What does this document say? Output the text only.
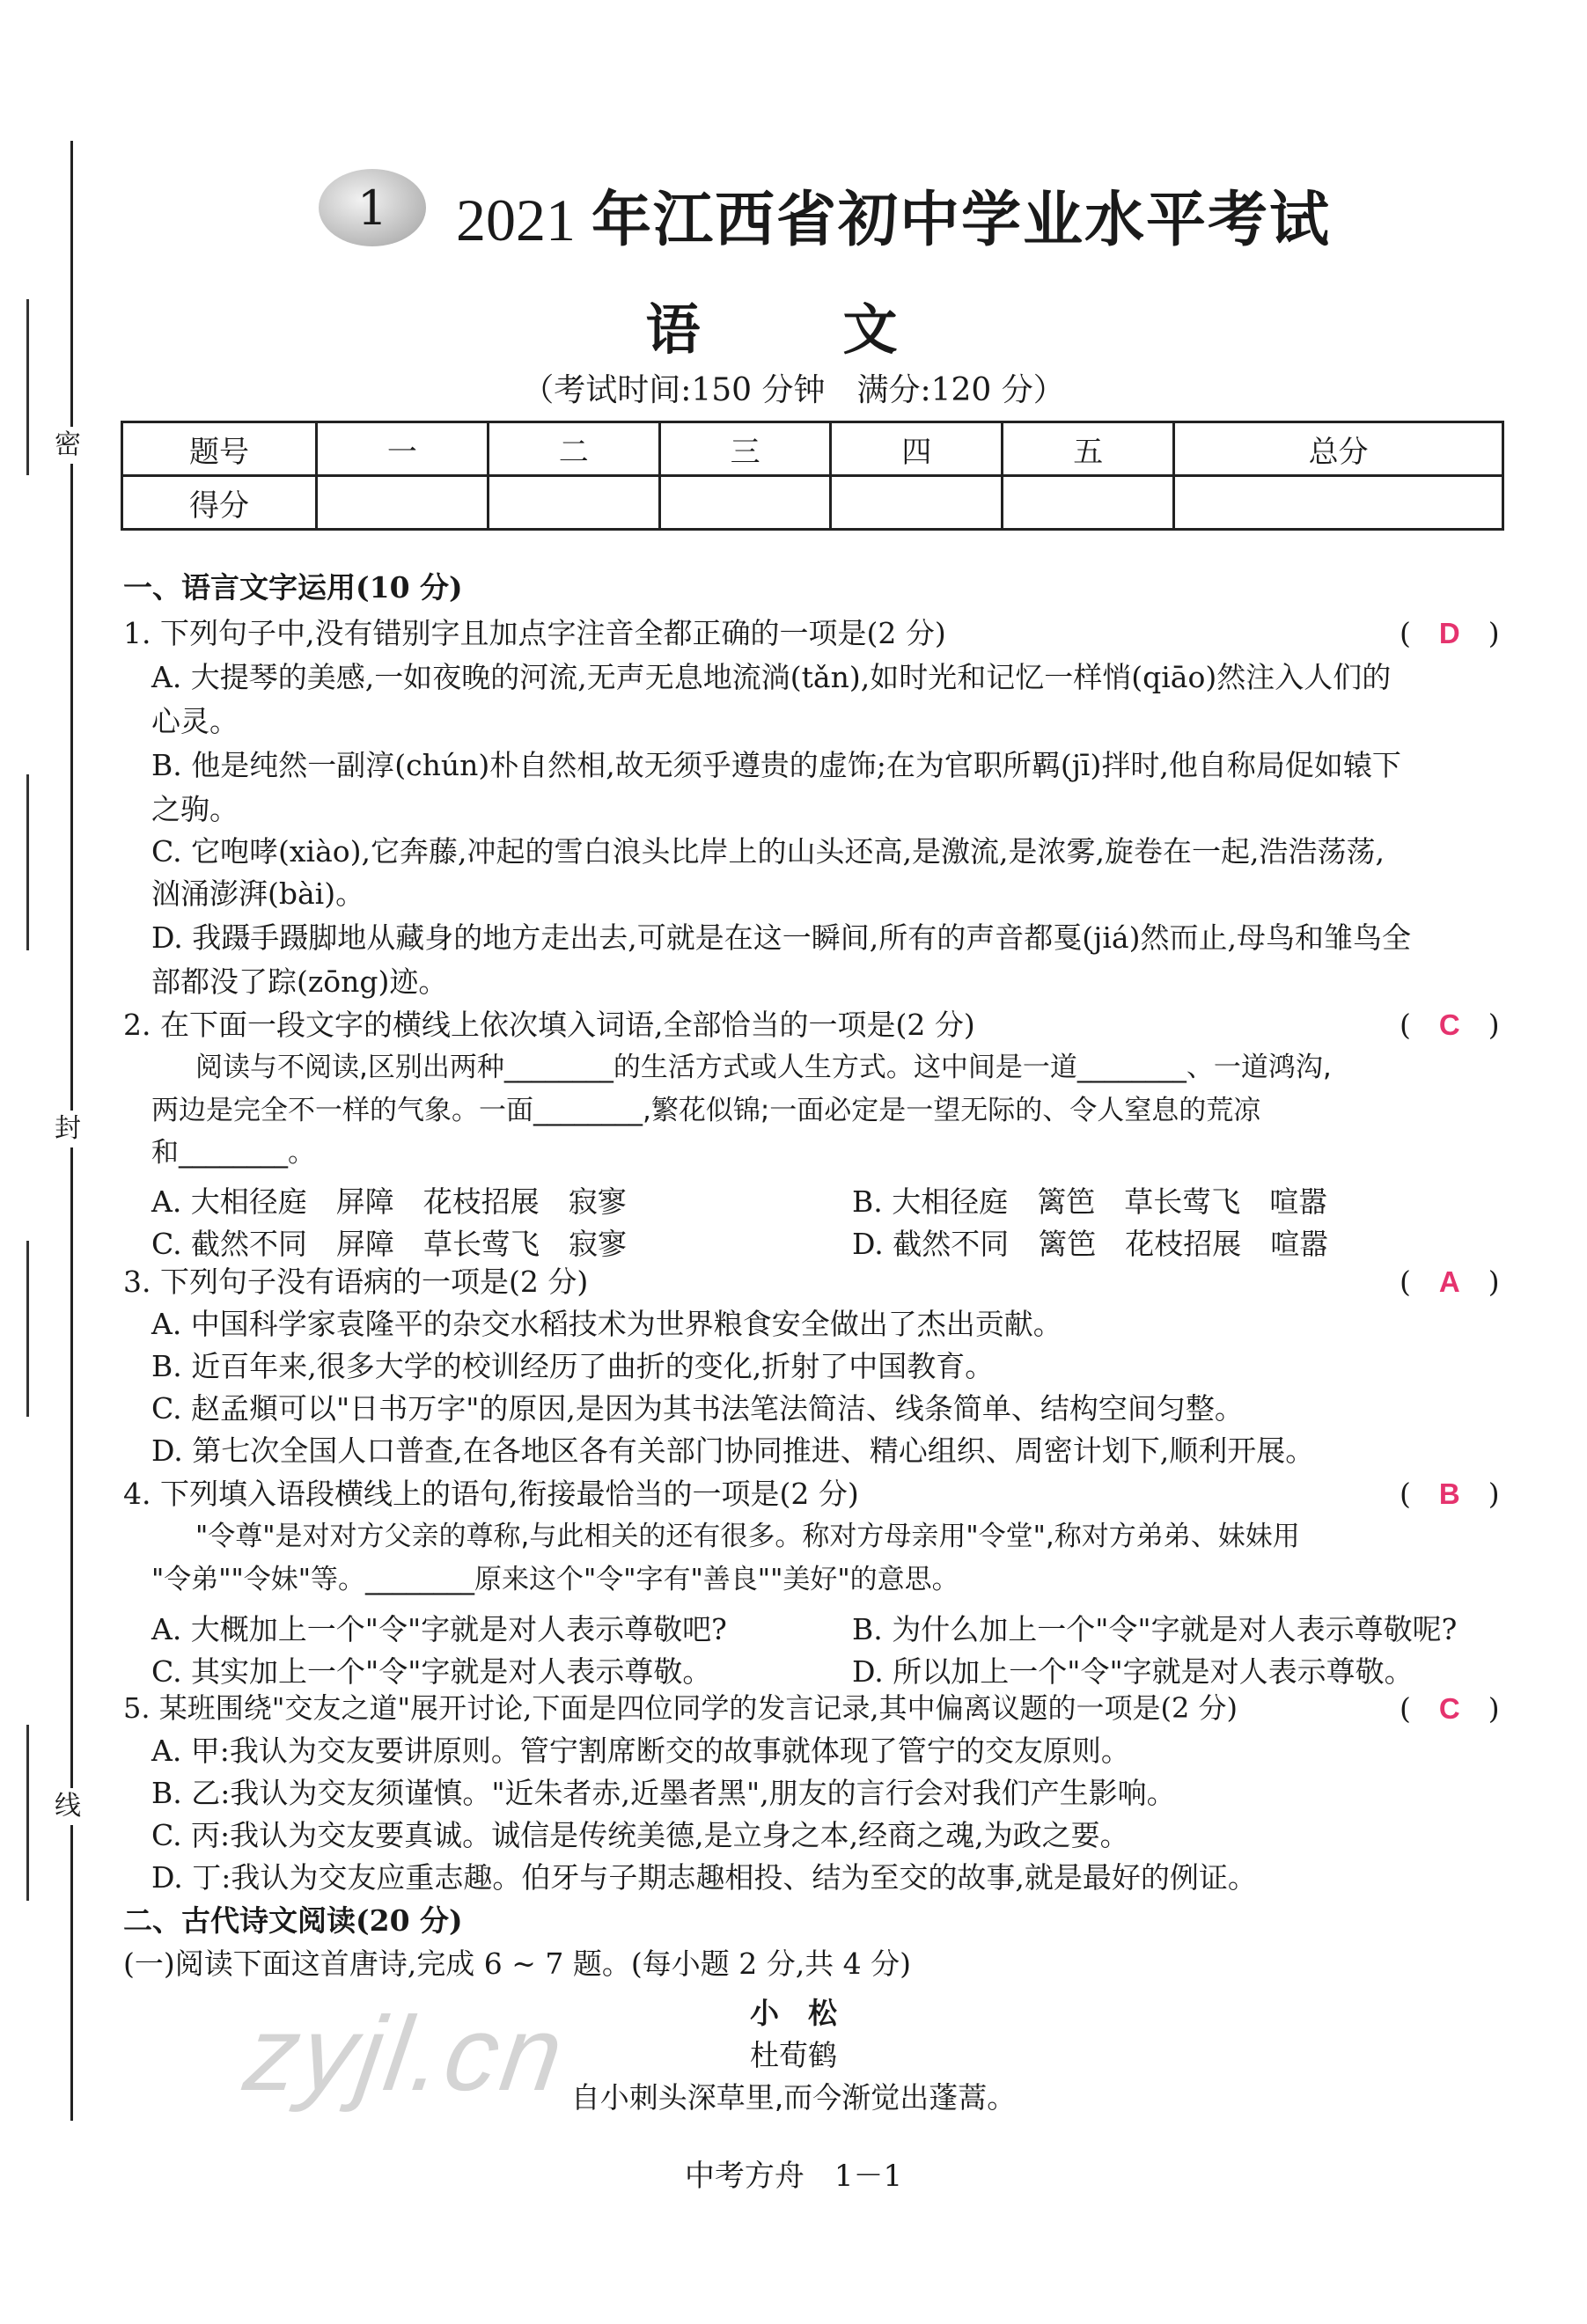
密
封
线
1	2021 年江西省初中学业水平考试
语　文
（考试时间:150 分钟　满分:120 分）
题号	一	二	三	四	五	总分
得分						
一、语言文字运用(10 分)
1. 下列句子中,没有错别字且加点字注音全都正确的一项是(2 分)	( D )
A. 大提琴的美感,一如夜晚的河流,无声无息地流淌(tǎn),如时光和记忆一样悄(qiāo)然注入人们的
心灵。
B. 他是纯然一副淳(chún)朴自然相,故无须乎遵贵的虚饰;在为官职所羁(jī)拌时,他自称局促如辕下
之驹。
C. 它咆哮(xiào),它奔藤,冲起的雪白浪头比岸上的山头还高,是激流,是浓雾,旋卷在一起,浩浩荡荡,
汹涌澎湃(bài)。
D. 我蹑手蹑脚地从藏身的地方走出去,可就是在这一瞬间,所有的声音都戛(jiá)然而止,母鸟和雏鸟全
部都没了踪(zōng)迹。
2. 在下面一段文字的横线上依次填入词语,全部恰当的一项是(2 分)	( C )
阅读与不阅读,区别出两种________的生活方式或人生方式。这中间是一道________、一道鸿沟,
两边是完全不一样的气象。一面________,繁花似锦;一面必定是一望无际的、令人窒息的荒凉
和________。
A. 大相径庭　屏障　花枝招展　寂寥	B. 大相径庭　篱笆　草长莺飞　喧嚣
C. 截然不同　屏障　草长莺飞　寂寥	D. 截然不同　篱笆　花枝招展　喧嚣
3. 下列句子没有语病的一项是(2 分)	( A )
A. 中国科学家袁隆平的杂交水稻技术为世界粮食安全做出了杰出贡献。
B. 近百年来,很多大学的校训经历了曲折的变化,折射了中国教育。
C. 赵孟頫可以"日书万字"的原因,是因为其书法笔法简洁、线条简单、结构空间匀整。
D. 第七次全国人口普查,在各地区各有关部门协同推进、精心组织、周密计划下,顺利开展。
4. 下列填入语段横线上的语句,衔接最恰当的一项是(2 分)	( B )
"令尊"是对对方父亲的尊称,与此相关的还有很多。称对方母亲用"令堂",称对方弟弟、妹妹用
"令弟""令妹"等。________原来这个"令"字有"善良""美好"的意思。
A. 大概加上一个"令"字就是对人表示尊敬吧?	B. 为什么加上一个"令"字就是对人表示尊敬呢?
C. 其实加上一个"令"字就是对人表示尊敬。	D. 所以加上一个"令"字就是对人表示尊敬。
5. 某班围绕"交友之道"展开讨论,下面是四位同学的发言记录,其中偏离议题的一项是(2 分)	( C )
A. 甲:我认为交友要讲原则。管宁割席断交的故事就体现了管宁的交友原则。
B. 乙:我认为交友须谨慎。"近朱者赤,近墨者黑",朋友的言行会对我们产生影响。
C. 丙:我认为交友要真诚。诚信是传统美德,是立身之本,经商之魂,为政之要。
D. 丁:我认为交友应重志趣。伯牙与子期志趣相投、结为至交的故事,就是最好的例证。
二、古代诗文阅读(20 分)
(一)阅读下面这首唐诗,完成 6 ~ 7 题。(每小题 2 分,共 4 分)
小　松
杜荀鹤
自小刺头深草里,而今渐觉出蓬蒿。
zyjl.cn
中考方舟　1－1
